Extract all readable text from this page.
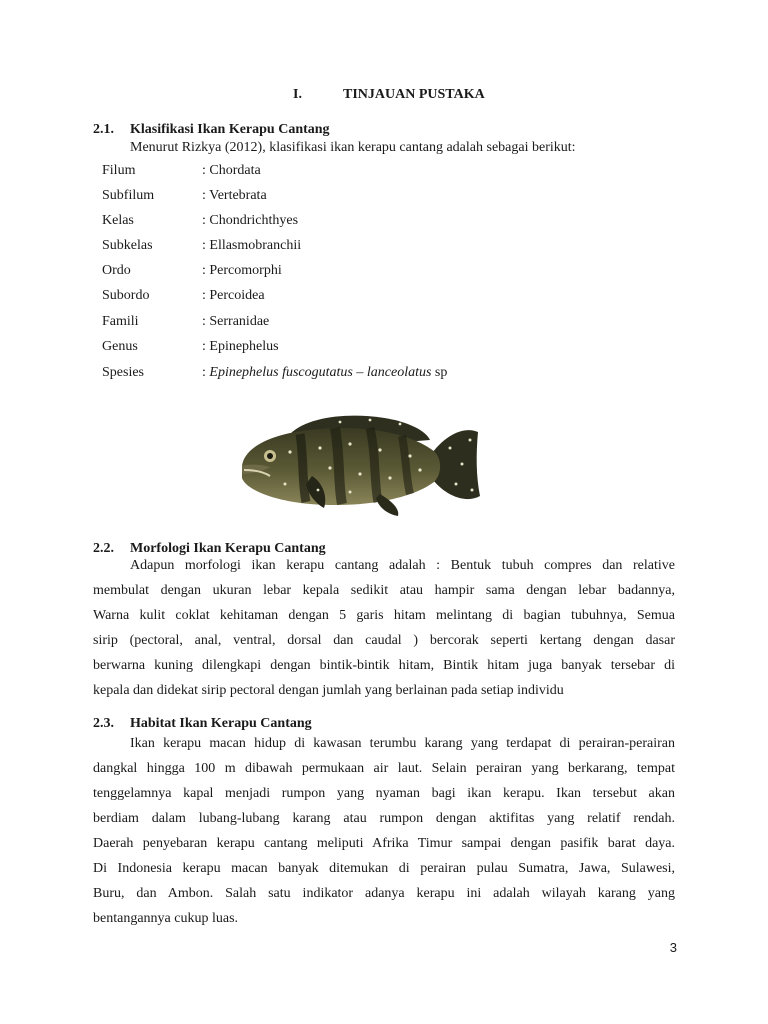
I.	TINJAUAN PUSTAKA
2.1. Klasifikasi Ikan Kerapu Cantang
Menurut Rizkya (2012), klasifikasi ikan kerapu cantang adalah sebagai berikut:
Filum	: Chordata
Subfilum	: Vertebrata
Kelas	: Chondrichthyes
Subkelas	: Ellasmobranchii
Ordo	: Percomorphi
Subordo	: Percoidea
Famili	: Serranidae
Genus	: Epinephelus
Spesies	: Epinephelus fuscogutatus – lanceolatus sp
2.2. Morfologi Ikan Kerapu Cantang
Adapun morfologi ikan kerapu cantang adalah : Bentuk tubuh compres dan relative
membulat dengan ukuran lebar kepala sedikit atau hampir sama dengan lebar badannya,
Warna kulit coklat kehitaman dengan 5 garis hitam melintang di bagian tubuhnya, Semua
sirip (pectoral, anal, ventral, dorsal dan caudal ) bercorak seperti kertang dengan dasar
berwarna kuning dilengkapi dengan bintik-bintik hitam, Bintik hitam juga banyak tersebar di
kepala dan didekat sirip pectoral dengan jumlah yang berlainan pada setiap individu
2.3. Habitat Ikan Kerapu Cantang
Ikan kerapu macan hidup di kawasan terumbu karang yang terdapat di perairan-perairan
dangkal hingga 100 m dibawah permukaan air laut. Selain perairan yang berkarang, tempat
tenggelamnya kapal menjadi rumpon yang nyaman bagi ikan kerapu. Ikan tersebut akan
berdiam dalam lubang-lubang karang atau rumpon dengan aktifitas yang relatif rendah.
Daerah penyebaran kerapu cantang meliputi Afrika Timur sampai dengan pasifik barat daya.
Di Indonesia kerapu macan banyak ditemukan di perairan pulau Sumatra, Jawa, Sulawesi,
Buru, dan Ambon. Salah satu indikator adanya kerapu ini adalah wilayah karang yang
bentangannya cukup luas.
3
